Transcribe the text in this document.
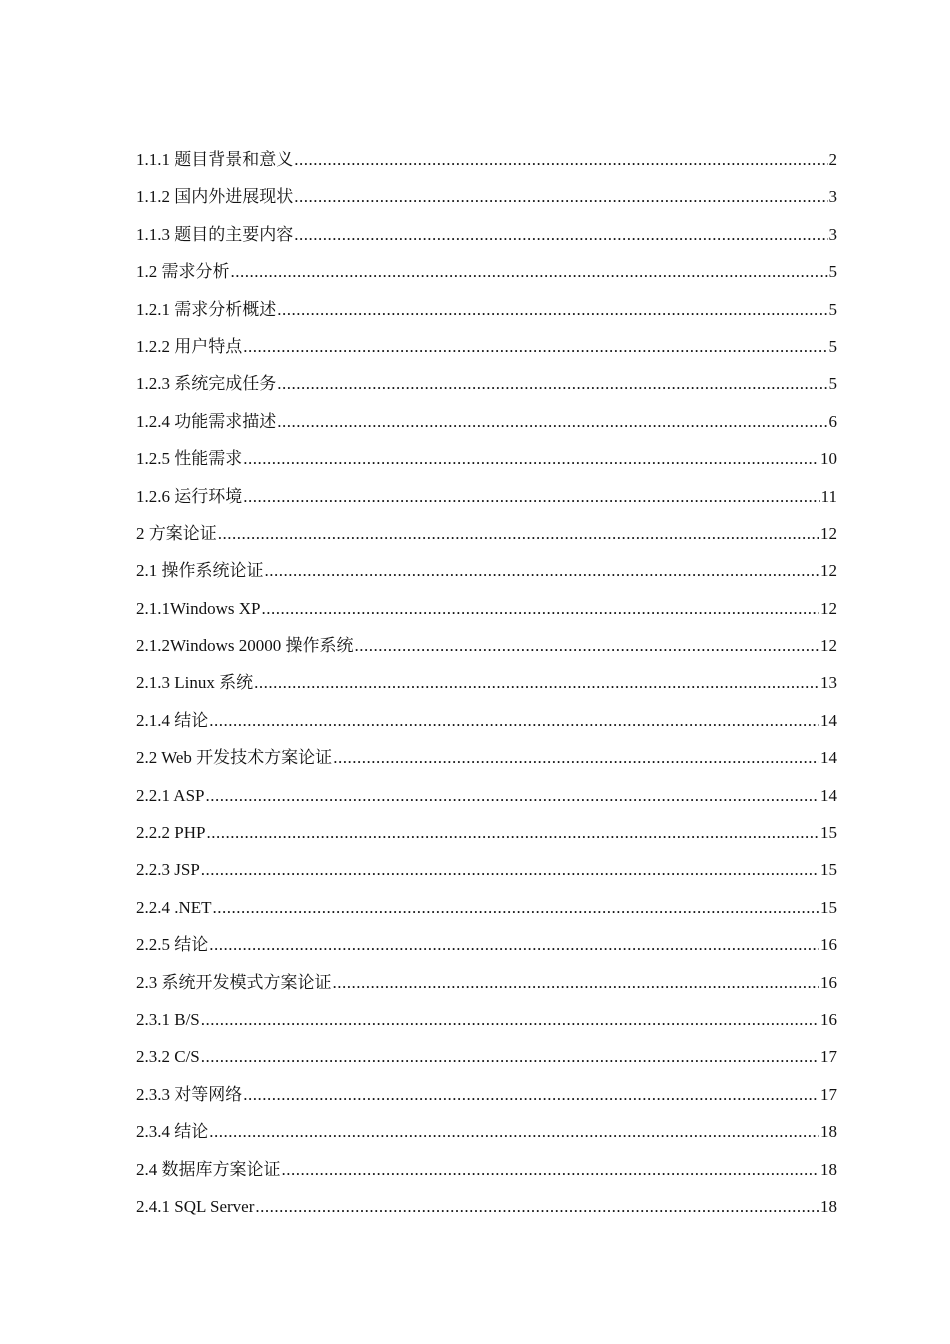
1.1.1 题目背景和意义 .....	2
1.1.2 国内外进展现状 .....	3
1.1.3 题目的主要内容 .....	3
1.2 需求分析 .....	5
1.2.1 需求分析概述 .....	5
1.2.2 用户特点 .....	5
1.2.3 系统完成任务 .....	5
1.2.4 功能需求描述 .....	6
1.2.5 性能需求 .....	10
1.2.6 运行环境 .....	11
2 方案论证 .....	12
2.1 操作系统论证 .....	12
2.1.1Windows XP .....	12
2.1.2Windows 20000 操作系统 .....	12
2.1.3 Linux 系统 .....	13
2.1.4 结论 .....	14
2.2 Web 开发技术方案论证 .....	14
2.2.1 ASP .....	14
2.2.2 PHP .....	15
2.2.3 JSP .....	15
2.2.4 .NET .....	15
2.2.5 结论 .....	16
2.3 系统开发模式方案论证 .....	16
2.3.1 B/S .....	16
2.3.2 C/S .....	17
2.3.3 对等网络 .....	17
2.3.4 结论 .....	18
2.4 数据库方案论证 .....	18
2.4.1 SQL Server .....	18
